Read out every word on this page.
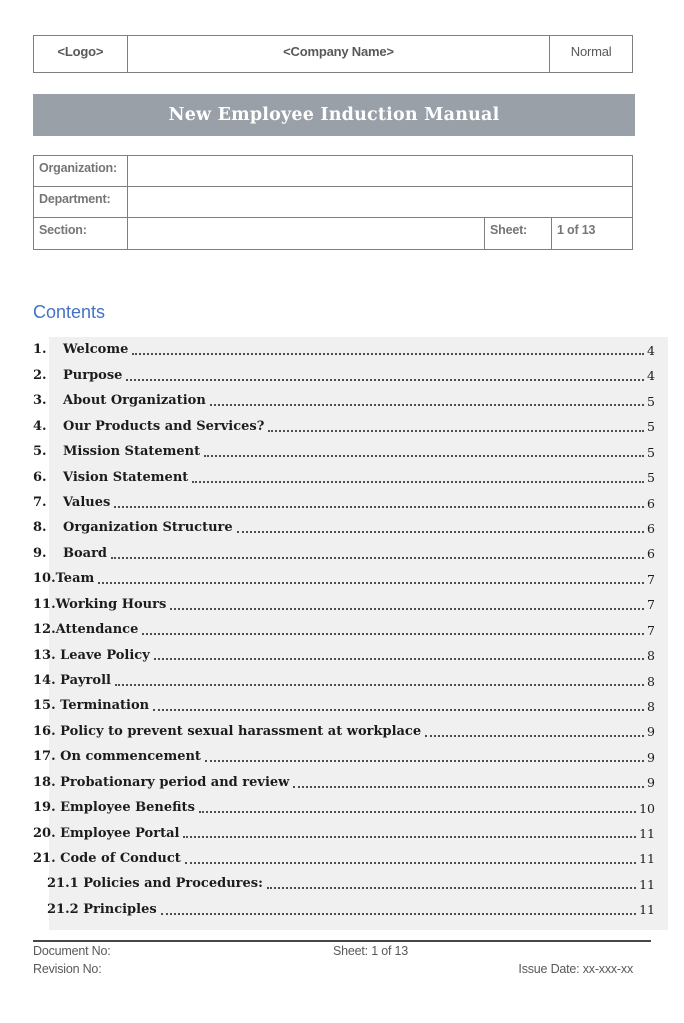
<Logo>	<Company Name>	Normal
New Employee Induction Manual
Organization:
Department:
Section:	Sheet:	1 of 13
Contents
1.	Welcome	4
2.	Purpose	4
3.	About Organization	5
4.	Our Products and Services?	5
5.	Mission Statement	5
6.	Vision Statement	5
7.	Values	6
8.	Organization Structure	6
9.	Board	6
10.Team	7
11.Working Hours	7
12.Attendance	7
13. Leave Policy	8
14. Payroll	8
15. Termination	8
16. Policy to prevent sexual harassment at workplace	9
17. On commencement	9
18. Probationary period and review	9
19. Employee Benefits	10
20. Employee Portal	11
21. Code of Conduct	11
21.1 Policies and Procedures:	11
21.2 Principles	11
Document No:	Sheet: 1 of 13
Revision No:	Issue Date: xx-xxx-xx
